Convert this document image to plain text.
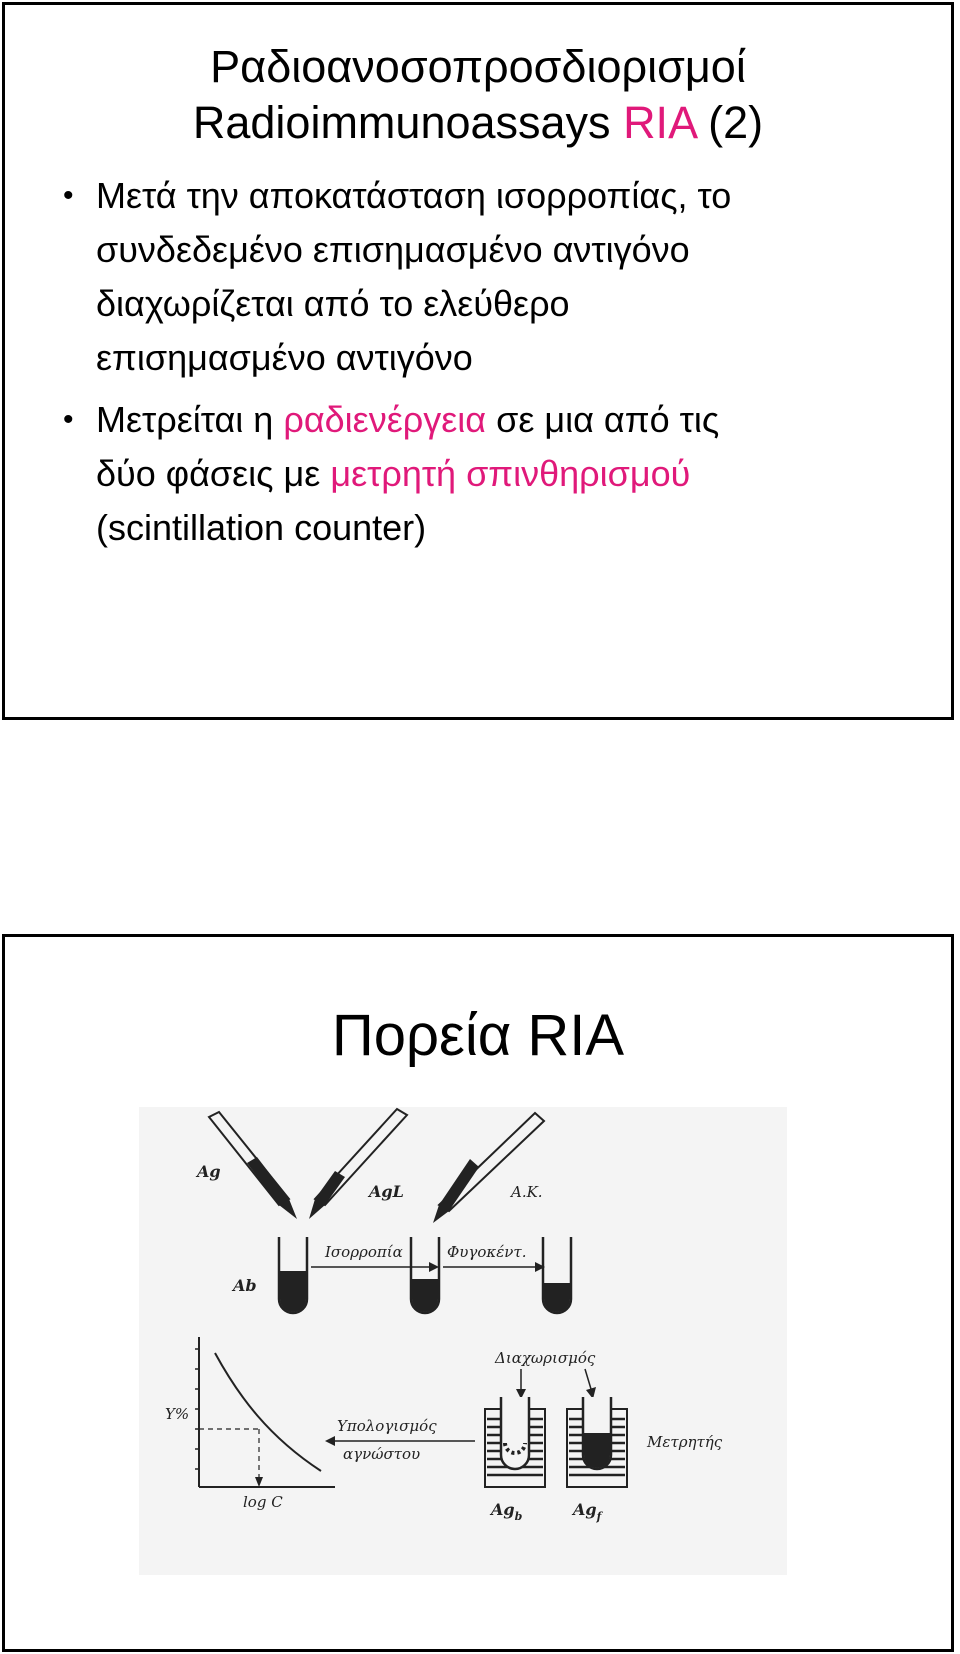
Ραδιοανοσοπροσδιορισμοί
Radioimmunoassays RIA (2)
• Μετά την αποκατάσταση ισορροπίας, το
συνδεδεμένο επισημασμένο αντιγόνο
διαχωρίζεται από το ελεύθερο
επισημασμένο αντιγόνο
• Μετρείται η ραδιενέργεια σε μια από τις
δύο φάσεις με μετρητή σπινθηρισμού
(scintillation counter)
Πορεία RIA
Ag
AgL	A.K.
Ab
Ισορροπία	Φυγοκέντ.
Διαχωρισμός
Μετρητής
$Ag_b$	$Ag_f$
Y%
log C
Υπολογισμός
αγνώστου
